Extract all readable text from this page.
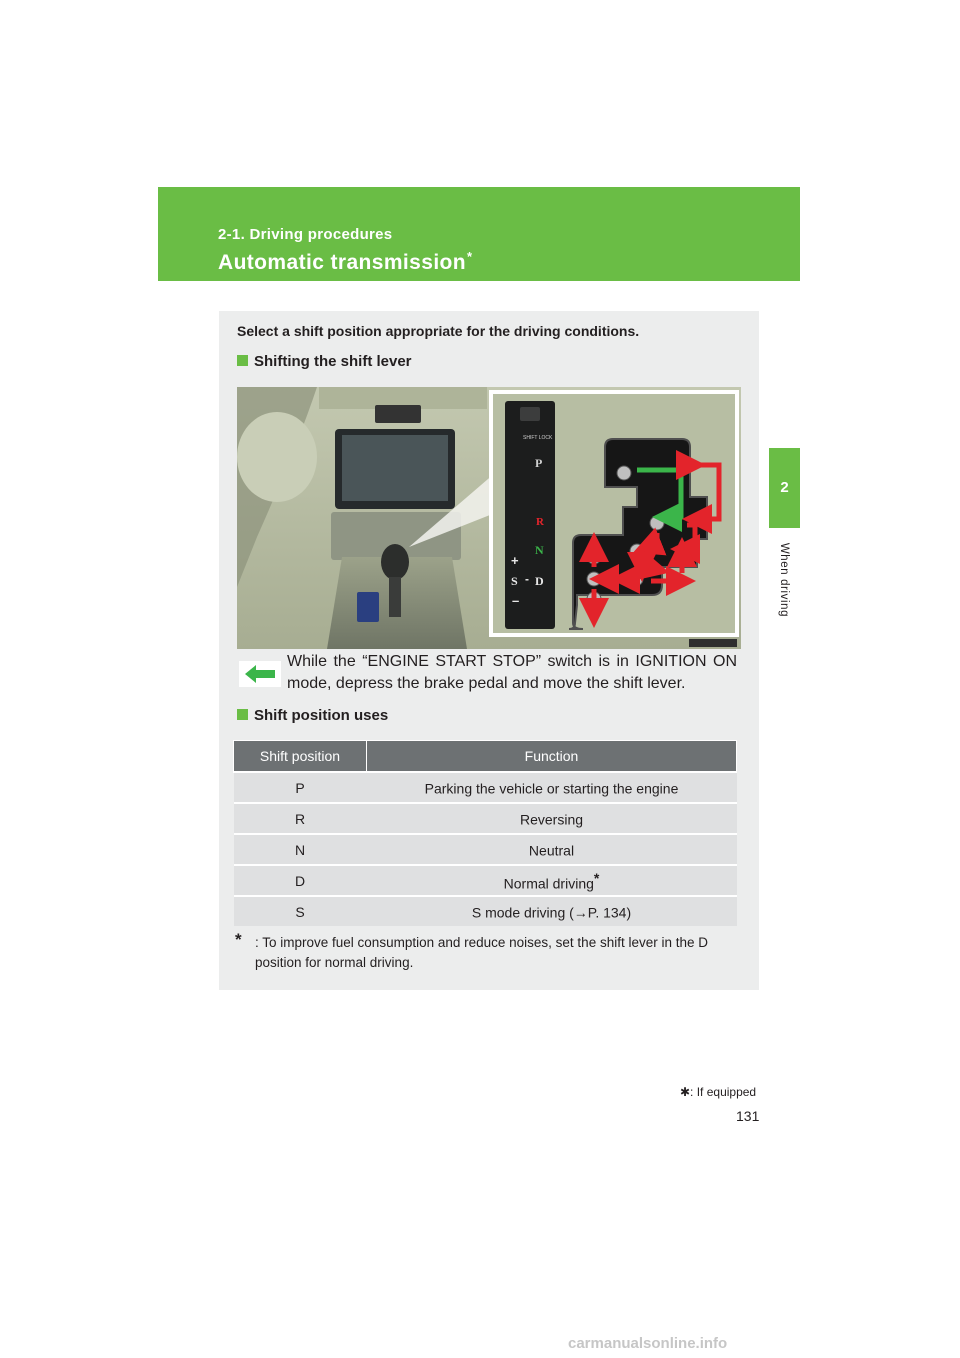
2-1. Driving procedures
Automatic transmission*
2
When driving
Select a shift position appropriate for the driving conditions.
Shifting the shift lever
SHIFT LOCK
P
R
N
+
S - D
–
While the “ENGINE START STOP” switch is in IGNITION ON mode, depress the brake pedal and move the shift lever.
Shift position uses
Shift position	Function
P	Parking the vehicle or starting the engine
R	Reversing
N	Neutral
D	Normal driving*
S	S mode driving (→P. 134)
* : To improve fuel consumption and reduce noises, set the shift lever in the D position for normal driving.
✱: If equipped
131
carmanualsonline.info
